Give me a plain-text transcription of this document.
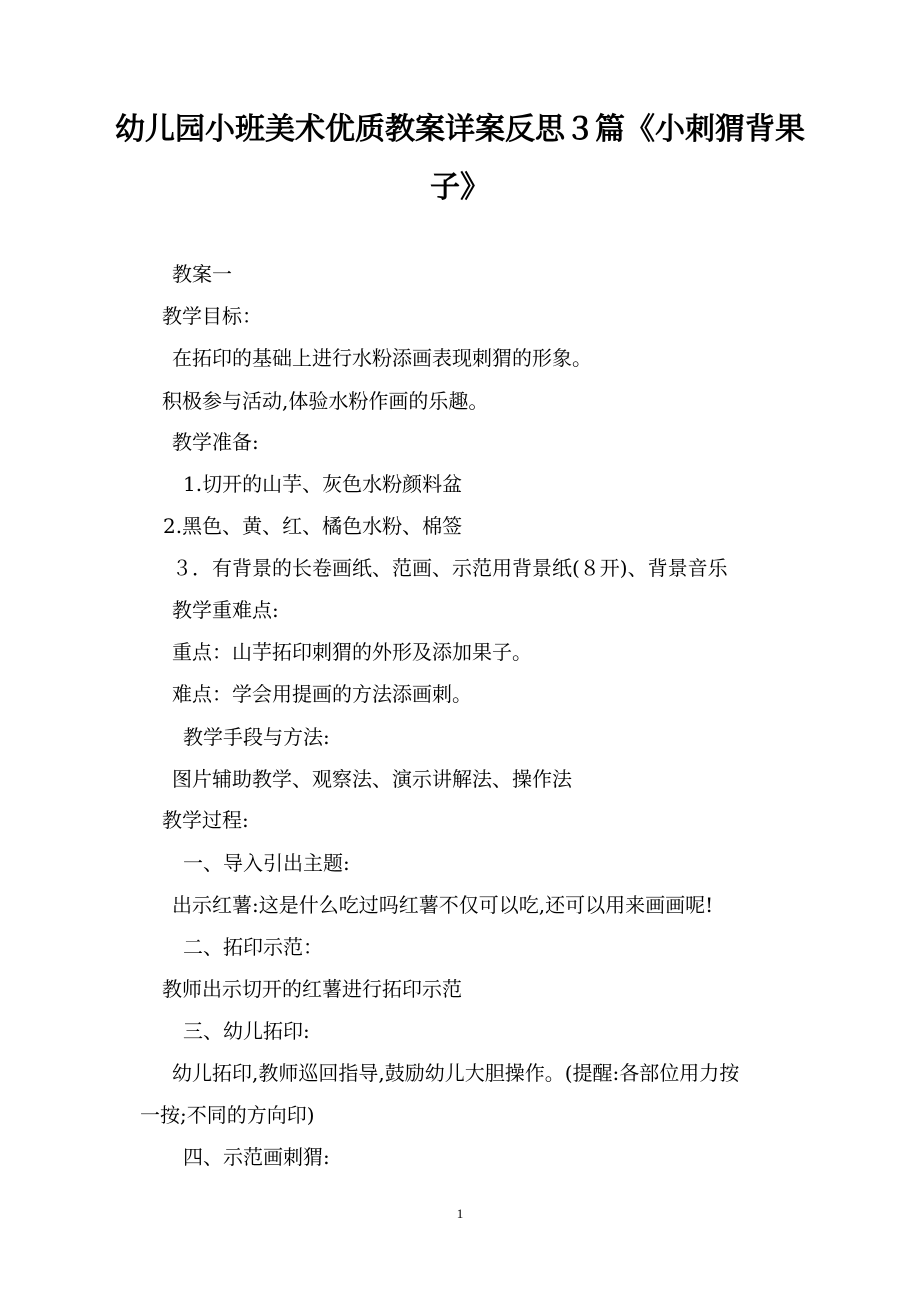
幼儿园小班美术优质教案详案反思３篇《小刺猬背果
子》
教案一
教学目标：
在拓印的基础上进行水粉添画表现刺猬的形象。
积极参与活动,体验水粉作画的乐趣。
教学准备:
1.切开的山芋、灰色水粉颜料盆
2.黑色、黄、红、橘色水粉、棉签
３．有背景的长卷画纸、范画、示范用背景纸(８开)、背景音乐
教学重难点:
重点：山芋拓印刺猬的外形及添加果子。
难点：学会用提画的方法添画刺。
教学手段与方法:
图片辅助教学、观察法、演示讲解法、操作法
教学过程:
一、导入引出主题:
出示红薯:这是什么吃过吗红薯不仅可以吃,还可以用来画画呢!
二、拓印示范：
教师出示切开的红薯进行拓印示范
三、幼儿拓印:
幼儿拓印,教师巡回指导,鼓励幼儿大胆操作。(提醒:各部位用力按
一按;不同的方向印)
四、示范画刺猬:
1
